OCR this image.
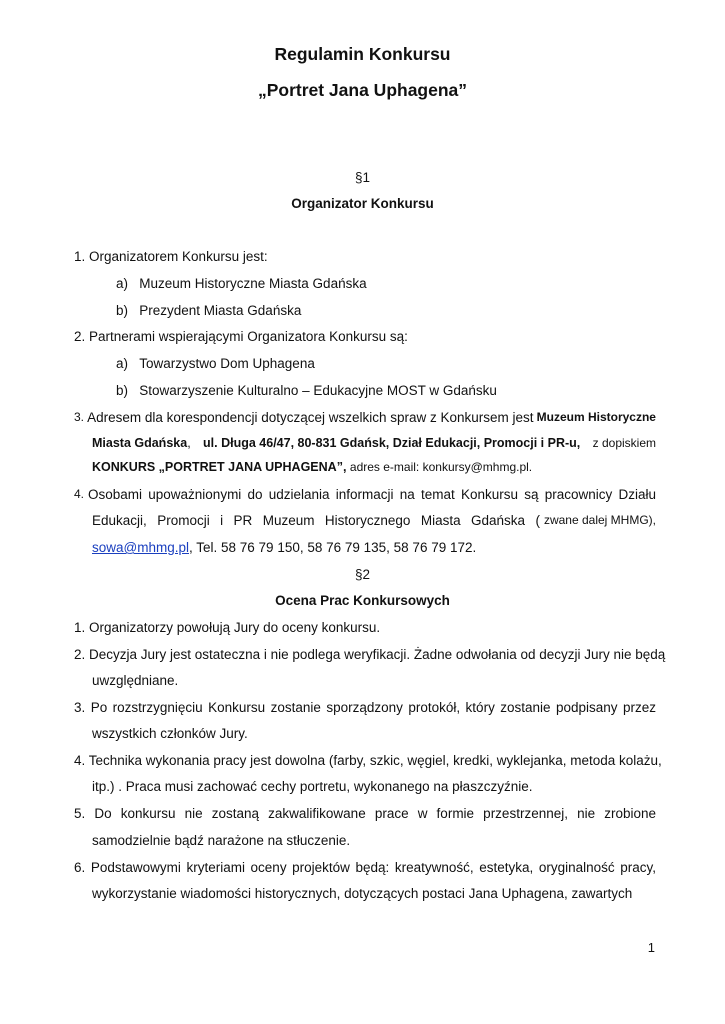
Regulamin Konkursu
„Portret Jana Uphagena”
§1
Organizator Konkursu
1. Organizatorem Konkursu jest:
a)   Muzeum Historyczne Miasta Gdańska
b)   Prezydent Miasta Gdańska
2. Partnerami wspierającymi Organizatora Konkursu są:
a)   Towarzystwo Dom Uphagena
b)   Stowarzyszenie Kulturalno – Edukacyjne MOST w Gdańsku
3. Adresem dla korespondencji dotyczącej wszelkich spraw z Konkursem jest Muzeum Historyczne
Miasta Gdańska, ul. Długa 46/47, 80-831 Gdańsk, Dział Edukacji, Promocji i PR-u, z dopiskiem
KONKURS „PORTRET JANA UPHAGENA”, adres e-mail: konkursy@mhmg.pl.
4. Osobami upoważnionymi do udzielania informacji na temat Konkursu są pracownicy Działu
Edukacji, Promocji i PR Muzeum Historycznego Miasta Gdańska ( zwane dalej MHMG),
sowa@mhmg.pl, Tel. 58 76 79 150, 58 76 79 135, 58 76 79 172.
§2
Ocena Prac Konkursowych
1. Organizatorzy powołują Jury do oceny konkursu.
2. Decyzja Jury jest ostateczna i nie podlega weryfikacji. Żadne odwołania od decyzji Jury nie będą
uwzględniane.
3. Po rozstrzygnięciu Konkursu zostanie sporządzony protokół, który zostanie podpisany przez
wszystkich członków Jury.
4. Technika wykonania pracy jest dowolna (farby, szkic, węgiel, kredki, wyklejanka, metoda kolażu,
itp.) . Praca musi zachować cechy portretu, wykonanego na płaszczyźnie.
5. Do konkursu nie zostaną zakwalifikowane prace w formie przestrzennej, nie zrobione
samodzielnie bądź narażone na stłuczenie.
6. Podstawowymi kryteriami oceny projektów będą: kreatywność, estetyka, oryginalność pracy,
wykorzystanie wiadomości historycznych, dotyczących postaci Jana Uphagena, zawartych
1
